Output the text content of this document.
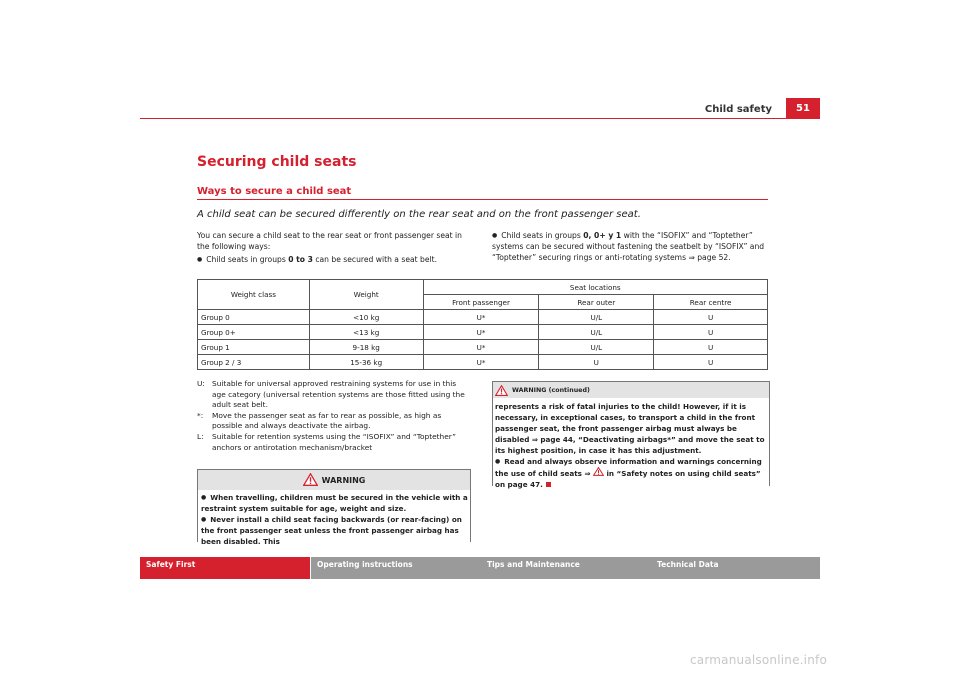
Child safety	51
Securing child seats
Ways to secure a child seat
A child seat can be secured differently on the rear seat and on the front passenger seat.
You can secure a child seat to the rear seat or front passenger seat in the following ways:
● Child seats in groups 0 to 3 can be secured with a seat belt.
● Child seats in groups 0, 0+ y 1 with the “ISOFIX” and “Toptether” systems can be secured without fastening the seatbelt by “ISOFIX” and “Toptether” securing rings or anti-rotating systems ⇒ page 52.
Weight class	Weight	Seat locations		
		Front passenger	Rear outer	Rear centre
Group 0	<10 kg	U*	U/L	U
Group 0+	<13 kg	U*	U/L	U
Group 1	9-18 kg	U*	U/L	U
Group 2 / 3	15-36 kg	U*	U	U
U: Suitable for universal approved restraining systems for use in this age category (universal retention systems are those fitted using the adult seat belt.
*:	Move the passenger seat as far to rear as possible, as high as possible and always deactivate the airbag.
L:	Suitable for retention systems using the “ISOFIX” and “Toptether” anchors or antirotation mechanism/bracket
WARNING
● When travelling, children must be secured in the vehicle with a restraint system suitable for age, weight and size.
● Never install a child seat facing backwards (or rear-facing) on the front passenger seat unless the front passenger airbag has been disabled. This
WARNING (continued)
represents a risk of fatal injuries to the child! However, if it is necessary, in exceptional cases, to transport a child in the front passenger seat, the front passenger airbag must always be disabled ⇒ page 44, “Deactivating airbags*” and move the seat to its highest position, in case it has this adjustment.
● Read and always observe information and warnings concerning the use of child seats ⇒  in “Safety notes on using child seats” on page 47.
Safety First	Operating instructions	Tips and Maintenance	Technical Data
carmanualsonline.info
